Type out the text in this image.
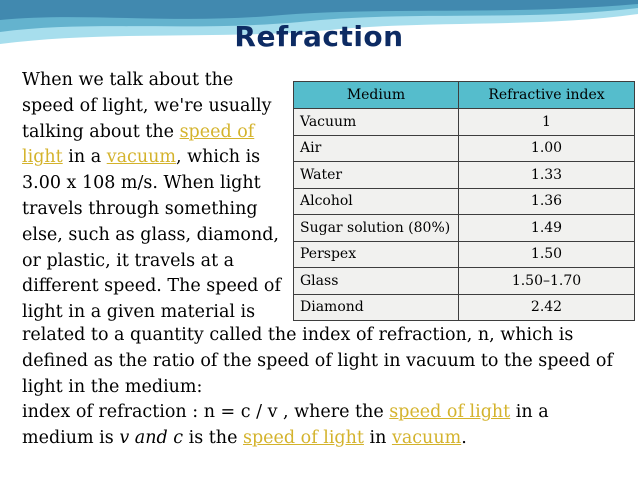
Refraction
When we talk about the
speed of light, we're usually
talking about the speed of
light in a vacuum, which is
3.00 x 108 m/s. When light
travels through something
else, such as glass, diamond,
or plastic, it travels at a
different speed. The speed of
light in a given material is
Medium	Refractive index
Vacuum	1
Air	1.00
Water	1.33
Alcohol	1.36
Sugar solution (80%)	1.49
Perspex	1.50
Glass	1.50–1.70
Diamond	2.42
related to a quantity called the index of refraction, n, which is
defined as the ratio of the speed of light in vacuum to the speed of
light in the medium:
index of refraction : n = c / v , where the speed of light in a
medium is v and c is the speed of light in vacuum.
